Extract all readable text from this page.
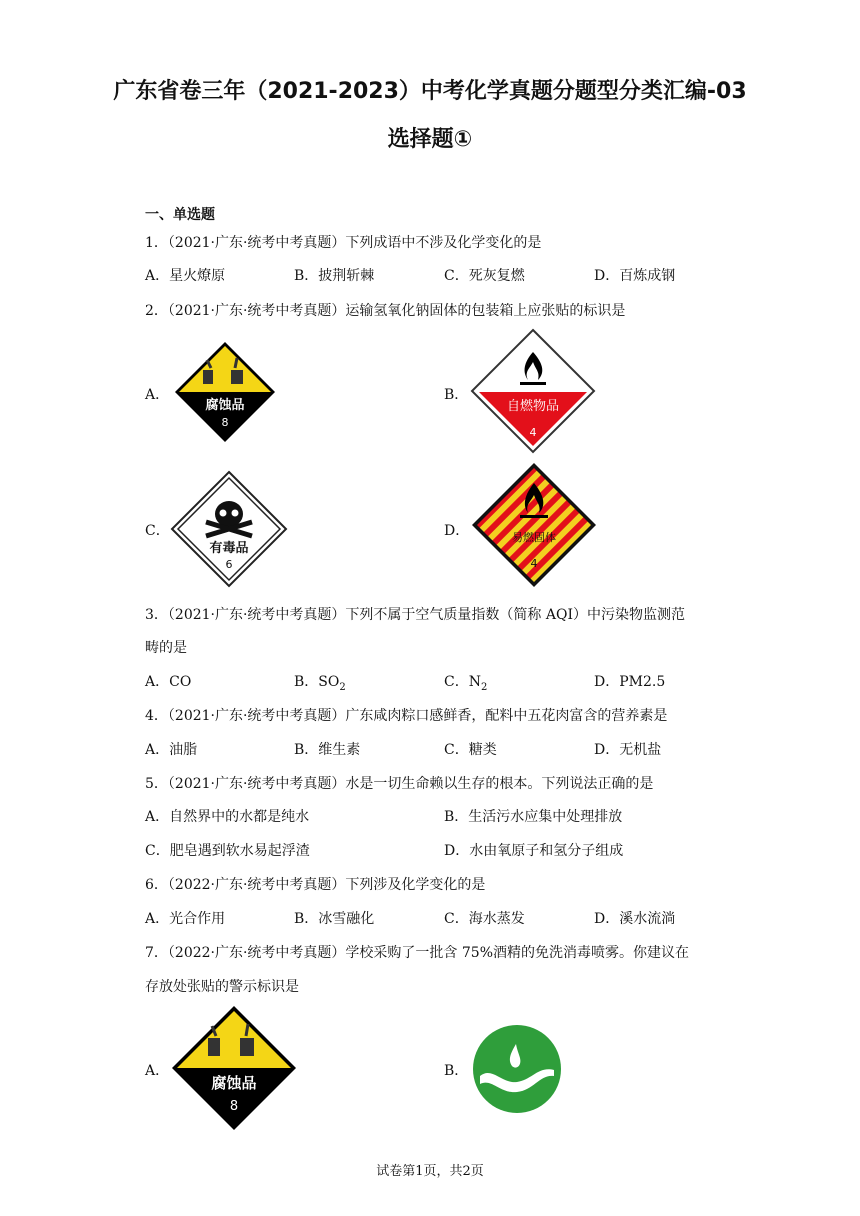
广东省卷三年（2021-2023）中考化学真题分题型分类汇编-03
选择题①
一、单选题
1．（2021·广东·统考中考真题）下列成语中不涉及化学变化的是
A．星火燎原	B．披荆斩棘	C．死灰复燃	D．百炼成钢
2．（2021·广东·统考中考真题）运输氢氧化钠固体的包装箱上应张贴的标识是
A．
腐蚀品
8
B．
自燃物品
4
C．
有毒品
6
D．	易燃固体
4
3．（2021·广东·统考中考真题）下列不属于空气质量指数（简称 AQI）中污染物监测范
畴的是
A．CO	B．$SO_2$	C．$N_2$	D．PM2.5
4．（2021·广东·统考中考真题）广东咸肉粽口感鲜香，配料中五花肉富含的营养素是
A．油脂	B．维生素	C．糖类	D．无机盐
5．（2021·广东·统考中考真题）水是一切生命赖以生存的根本。下列说法正确的是
A．自然界中的水都是纯水	B．生活污水应集中处理排放
C．肥皂遇到软水易起浮渣	D．水由氧原子和氢分子组成
6．（2022·广东·统考中考真题）下列涉及化学变化的是
A．光合作用	B．冰雪融化	C．海水蒸发	D．溪水流淌
7．（2022·广东·统考中考真题）学校采购了一批含 75%酒精的免洗消毒喷雾。你建议在
存放处张贴的警示标识是
A．
腐蚀品
8
B．
试卷第1页，共2页
